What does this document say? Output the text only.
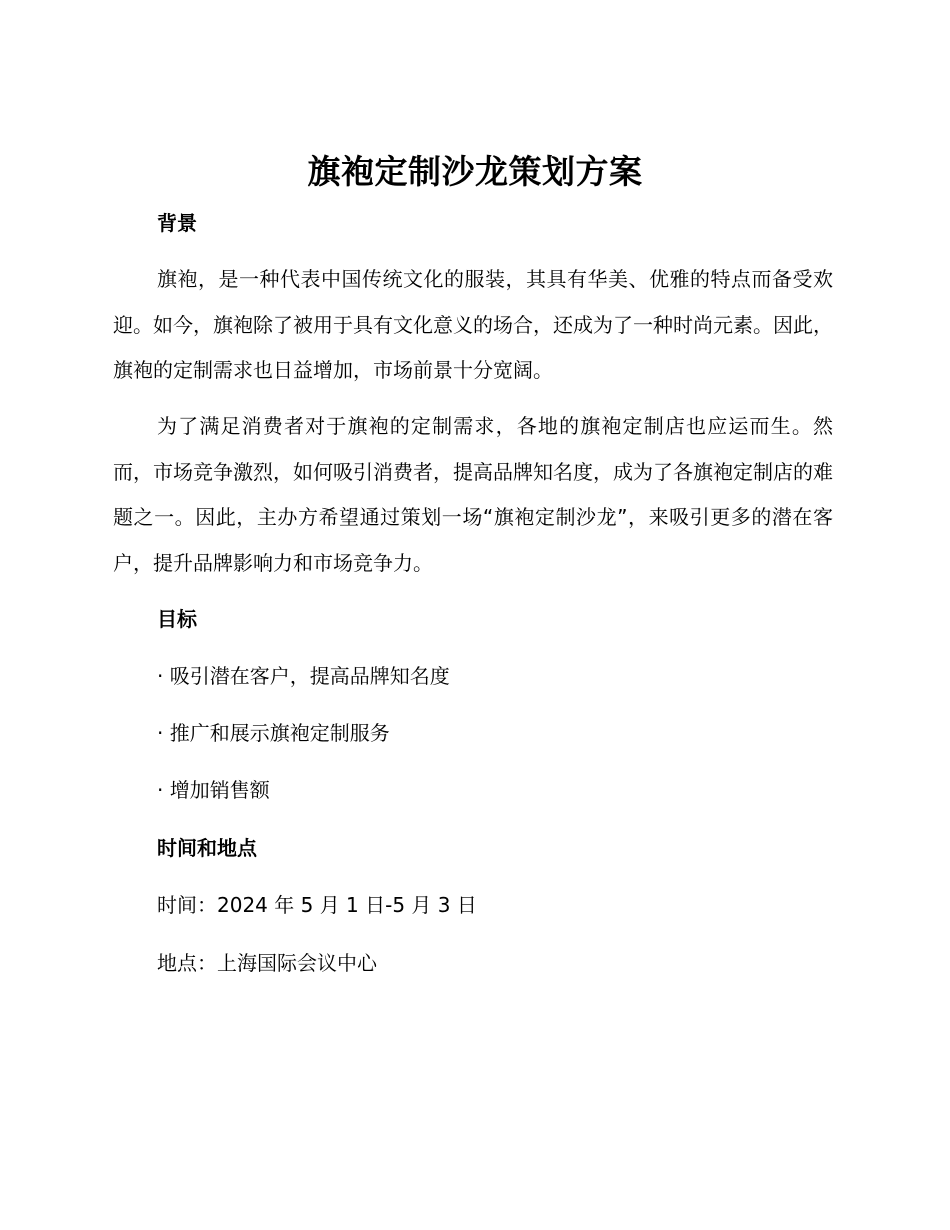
旗袍定制沙龙策划方案
背景

旗袍，是一种代表中国传统文化的服装，其具有华美、优雅的特点而备受欢迎。如今，旗袍除了被用于具有文化意义的场合，还成为了一种时尚元素。因此，旗袍的定制需求也日益增加，市场前景十分宽阔。

为了满足消费者对于旗袍的定制需求，各地的旗袍定制店也应运而生。然而，市场竞争激烈，如何吸引消费者，提高品牌知名度，成为了各旗袍定制店的难题之一。因此，主办方希望通过策划一场“旗袍定制沙龙”，来吸引更多的潜在客户，提升品牌影响力和市场竞争力。

目标
· 吸引潜在客户，提高品牌知名度
· 推广和展示旗袍定制服务
· 增加销售额
时间和地点
时间：2024 年 5 月 1 日-5 月 3 日
地点：上海国际会议中心
